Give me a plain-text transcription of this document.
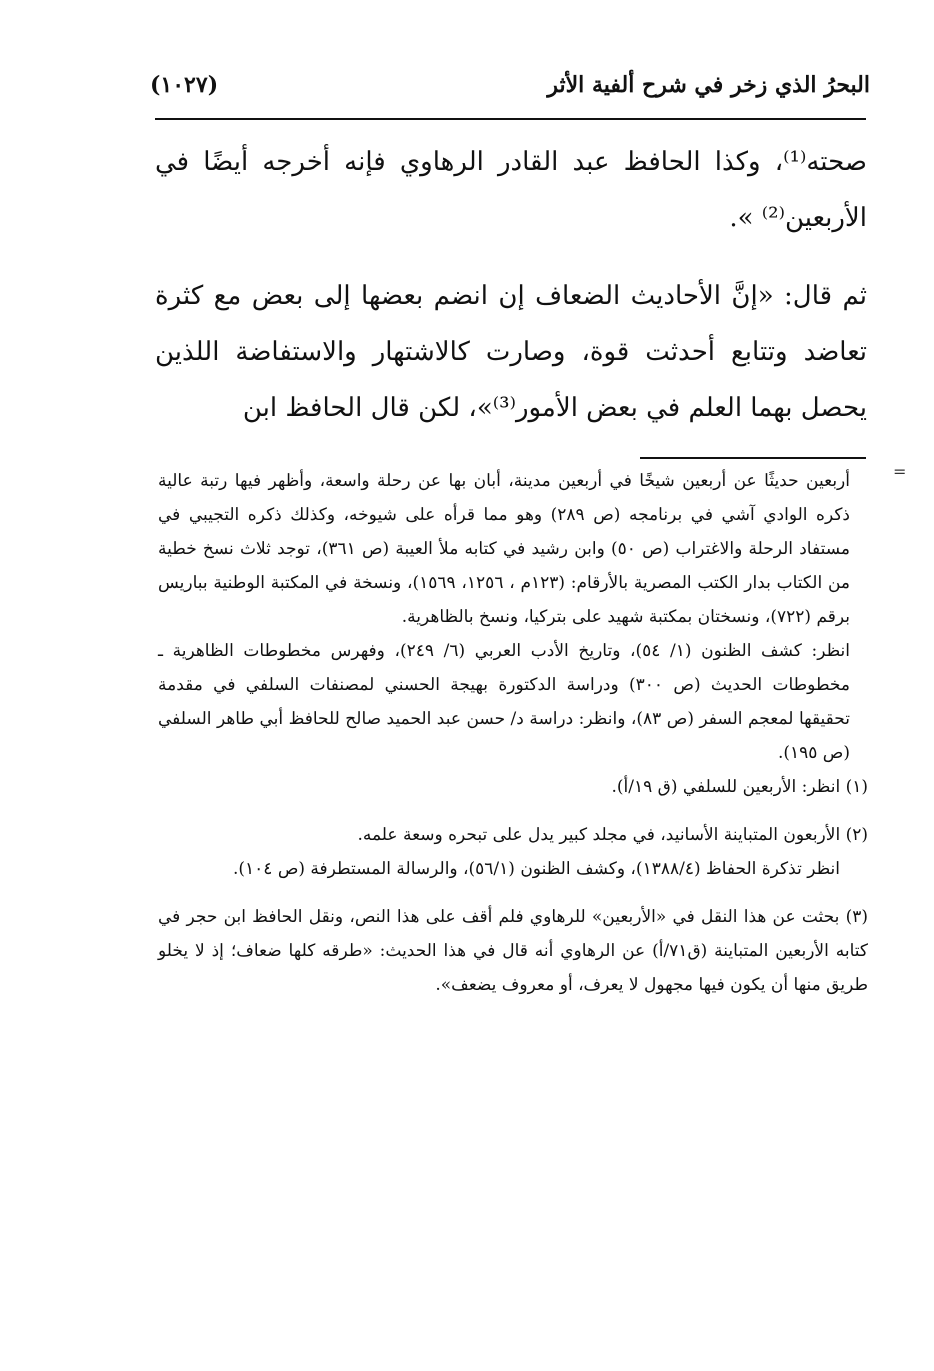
البحرُ الذي زخر في شرح ألفية الأثر
(١٠٢٧)

صحته⁽¹⁾، وكذا الحافظ عبد القادر الرهاوي فإنه أخرجه أيضًا في الأربعين⁽²⁾ ».

ثم قال: «إنَّ الأحاديث الضعاف إن انضم بعضها إلى بعض مع كثرة تعاضد وتتابع أحدثت قوة، وصارت كالاشتهار والاستفاضة اللذين يحصل بهما العلم في بعض الأمور⁽³⁾»، لكن قال الحافظ ابن

=

أربعين حديثًا عن أربعين شيخًا في أربعين مدينة، أبان بها عن رحلة واسعة، وأظهر فيها رتبة عالية ذكره الوادي آشي في برنامجه (ص ٢٨٩) وهو مما قرأه على شيوخه، وكذلك ذكره التجيبي في مستفاد الرحلة والاغتراب (ص ٥٠) وابن رشيد في كتابه ملأ العيبة (ص ٣٦١)، توجد ثلاث نسخ خطية من الكتاب بدار الكتب المصرية بالأرقام: (١٢٣م ، ١٢٥٦، ١٥٦٩)، ونسخة في المكتبة الوطنية بباريس برقم (٧٢٢)، ونسختان بمكتبة شهيد على بتركيا، ونسخ بالظاهرية.

انظر: كشف الظنون (١/ ٥٤)، وتاريخ الأدب العربي (٦/ ٢٤٩)، وفهرس مخطوطات الظاهرية ـ مخطوطات الحديث (ص ٣٠٠) ودراسة الدكتورة بهيجة الحسني لمصنفات السلفي في مقدمة تحقيقها لمعجم السفر (ص ٨٣)، وانظر: دراسة د/ حسن عبد الحميد صالح للحافظ أبي طاهر السلفي (ص ١٩٥).

(١) انظر: الأربعين للسلفي (ق ١٩/أ).

(٢) الأربعون المتباينة الأسانيد، في مجلد كبير يدل على تبحره وسعة علمه.

انظر تذكرة الحفاظ (١٣٨٨/٤)، وكشف الظنون (٥٦/١)، والرسالة المستطرفة (ص ١٠٤).

(٣) بحثت عن هذا النقل في «الأربعين» للرهاوي فلم أقف على هذا النص، ونقل الحافظ ابن حجر في كتابه الأربعين المتباينة (ق٧١/أ) عن الرهاوي أنه قال في هذا الحديث: «طرقه كلها ضعاف؛ إذ لا يخلو طريق منها أن يكون فيها مجهول لا يعرف، أو معروف يضعف».
